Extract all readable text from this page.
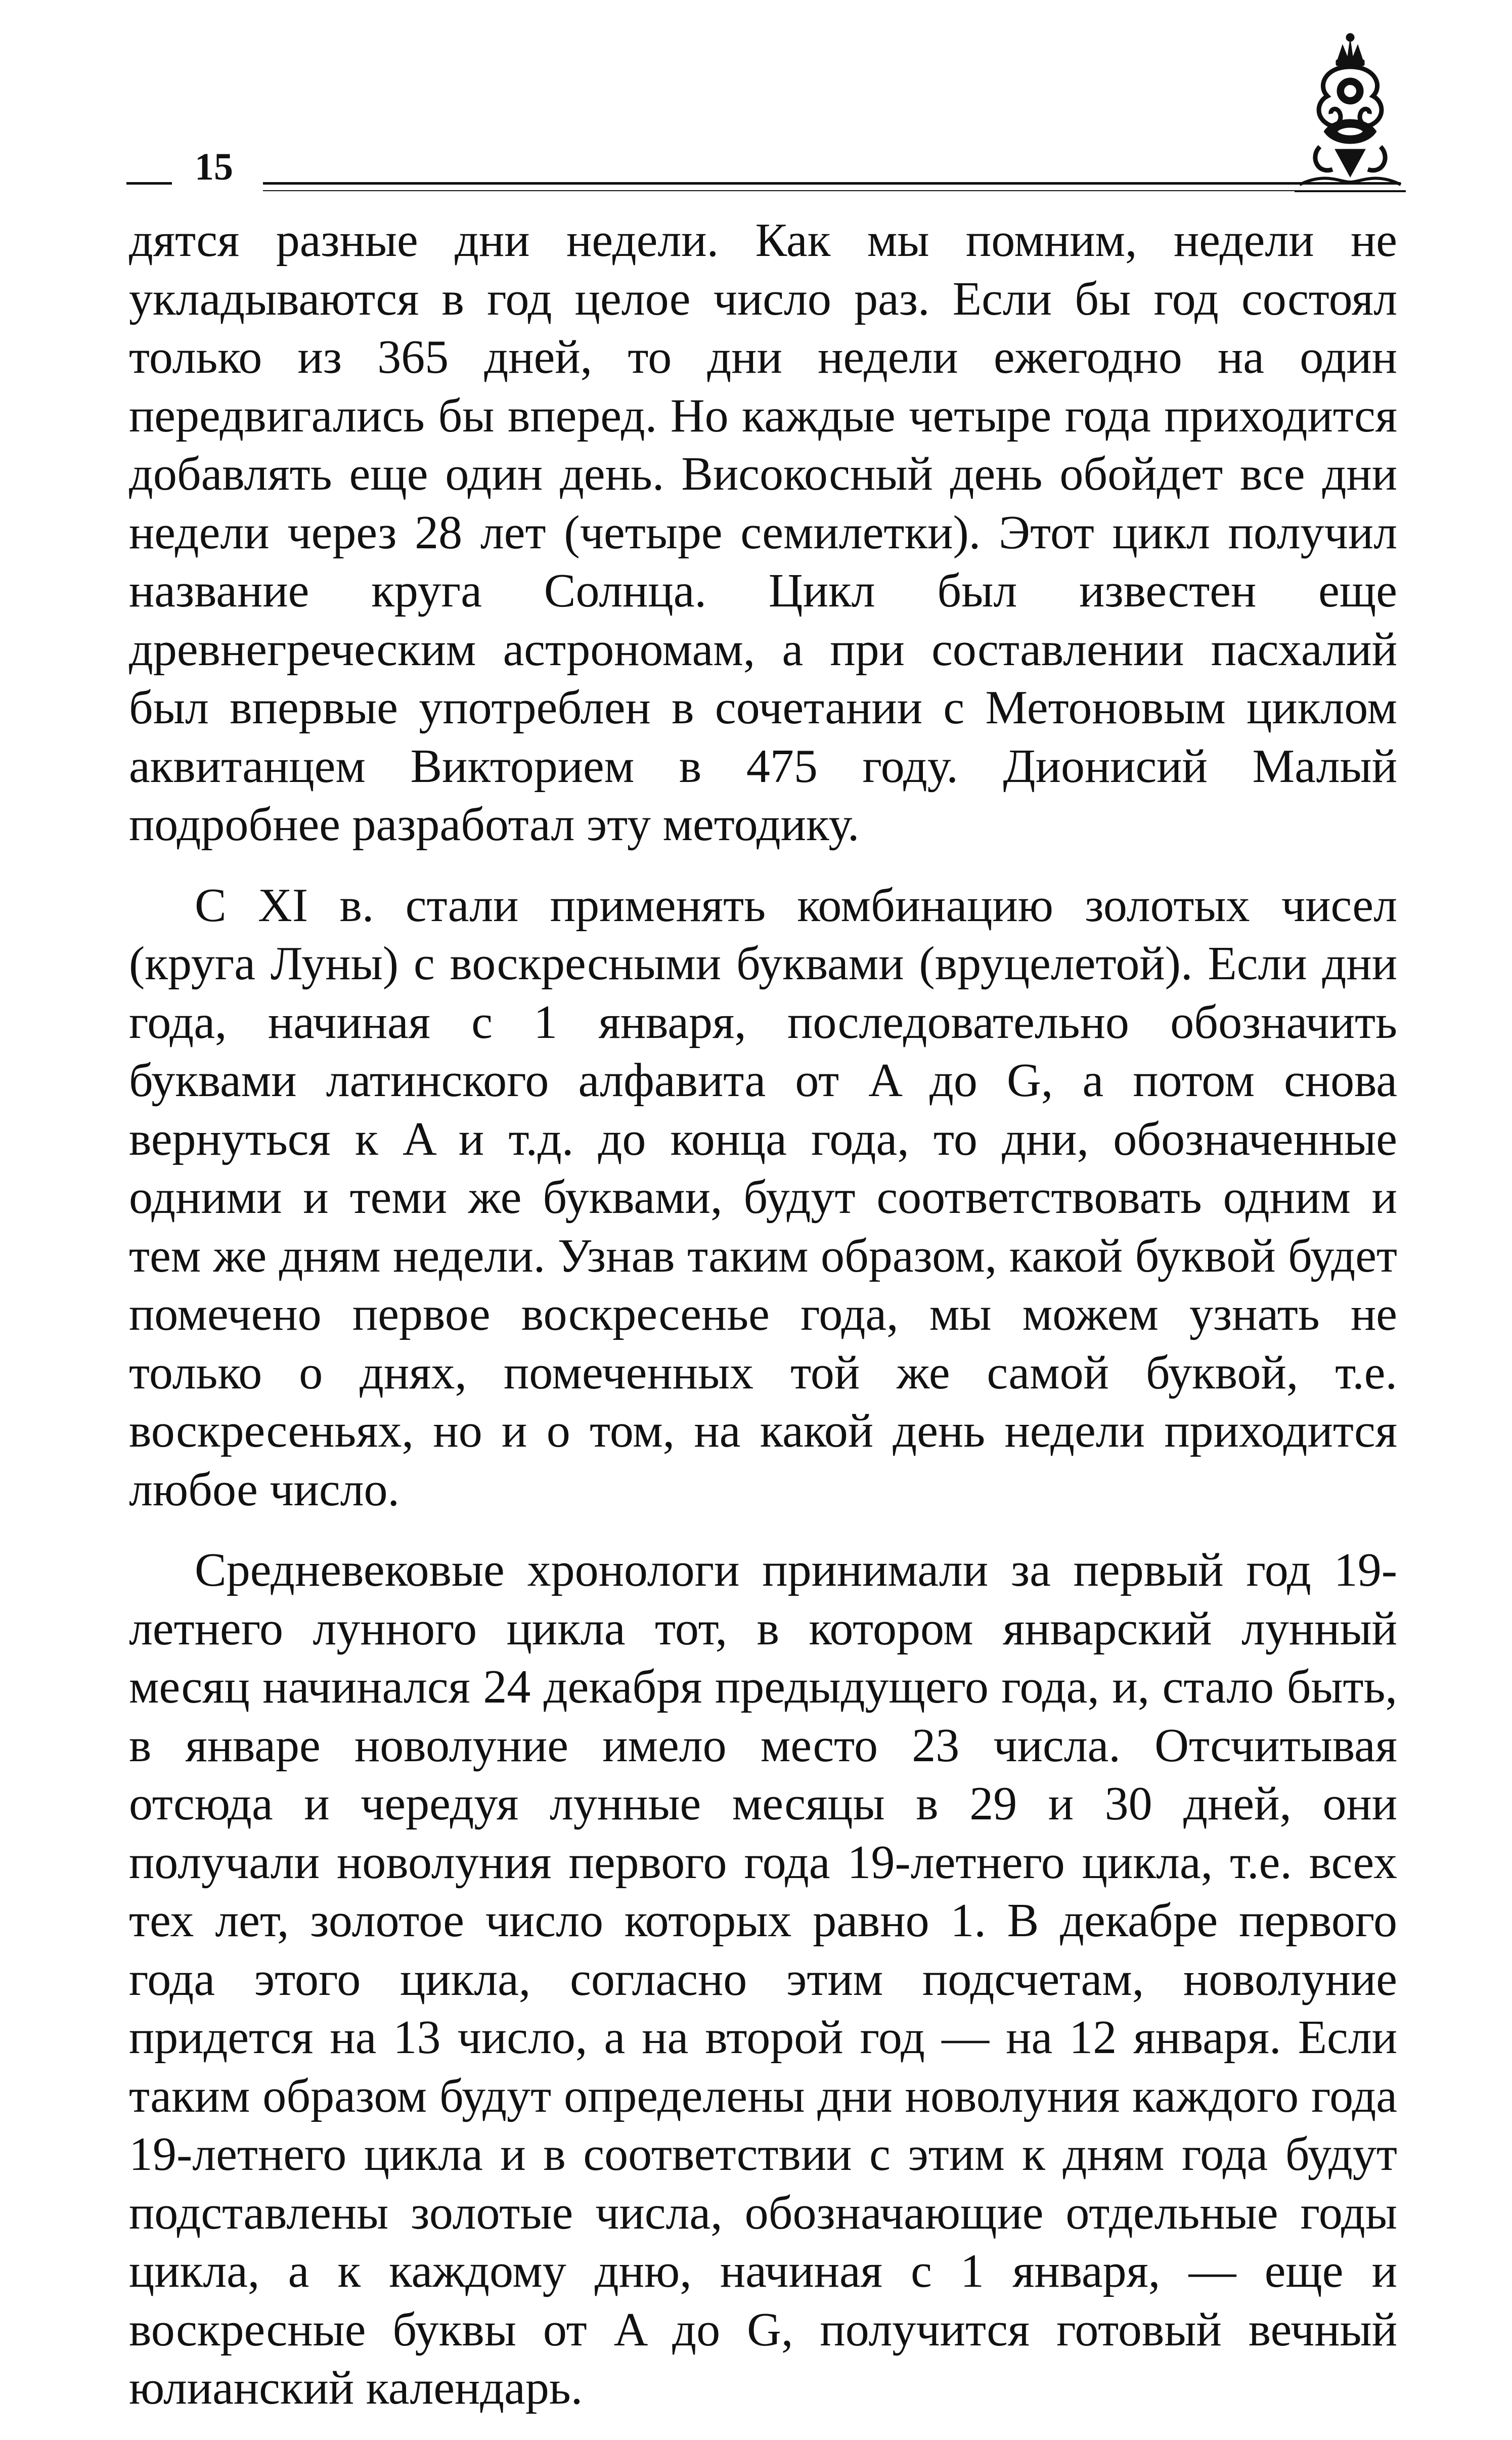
15

дятся разные дни недели. Как мы помним, недели не укладываются в год целое число раз. Если бы год состоял только из 365 дней, то дни недели ежегодно на один передвигались бы вперед. Но каждые четыре года приходится добавлять еще один день. Високосный день обойдет все дни недели через 28 лет (четыре семилетки). Этот цикл получил название круга Солнца. Цикл был известен еще древнегреческим астрономам, а при составлении пасхалий был впервые употреблен в сочетании с Метоновым циклом аквитанцем Викторием в 475 году. Дионисий Малый подробнее разработал эту методику.

С XI в. стали применять комбинацию золотых чисел (круга Луны) с воскресными буквами (вруцелетой). Если дни года, начиная с 1 января, последовательно обозначить буквами латинского алфавита от A до G, а потом снова вернуться к A и т.д. до конца года, то дни, обозначенные одними и теми же буквами, будут соответствовать одним и тем же дням недели. Узнав таким образом, какой буквой будет помечено первое воскресенье года, мы можем узнать не только о днях, помеченных той же самой буквой, т.е. воскресеньях, но и о том, на какой день недели приходится любое число.

Средневековые хронологи принимали за первый год 19-летнего лунного цикла тот, в котором январский лунный месяц начинался 24 декабря предыдущего года, и, стало быть, в январе новолуние имело место 23 числа. Отсчитывая отсюда и чередуя лунные месяцы в 29 и 30 дней, они получали новолуния первого года 19-летнего цикла, т.е. всех тех лет, золотое число которых равно 1. В декабре первого года этого цикла, согласно этим подсчетам, новолуние придется на 13 число, а на второй год — на 12 января. Если таким образом будут определены дни новолуния каждого года 19-летнего цикла и в соответствии с этим к дням года будут подставлены золотые числа, обозначающие отдельные годы цикла, а к каждому дню, начиная с 1 января, — еще и воскресные буквы от A до G, получится готовый вечный юлианский календарь.
